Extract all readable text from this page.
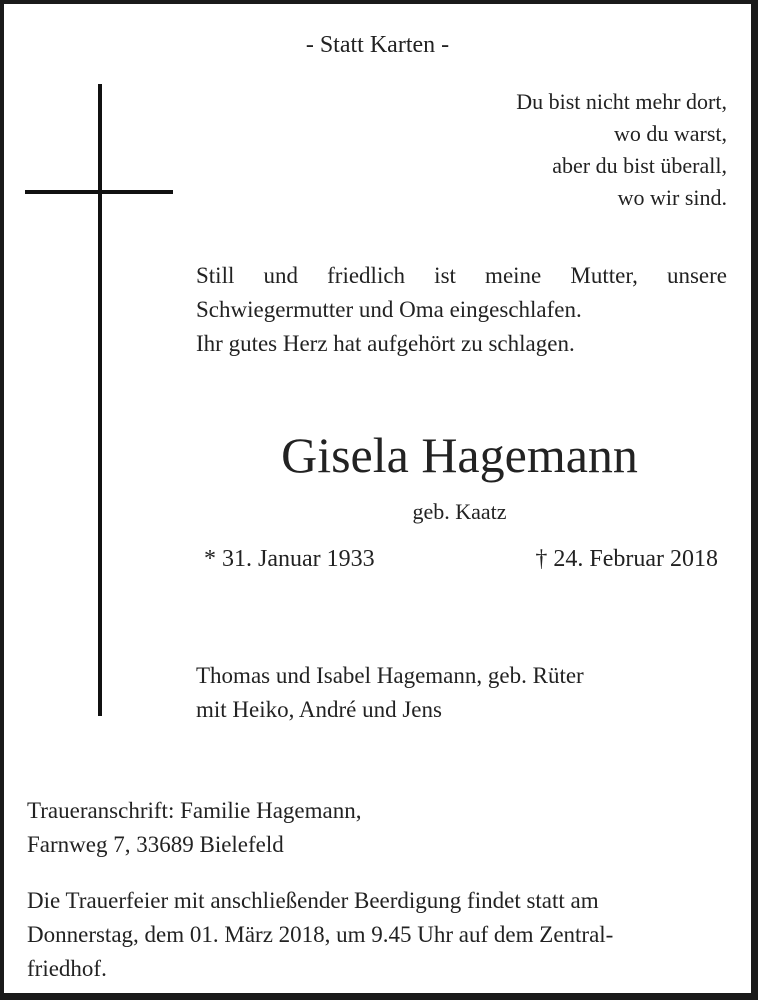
- Statt Karten -
Du bist nicht mehr dort,
wo du warst,
aber du bist überall,
wo wir sind.
Still und friedlich ist meine Mutter, unsere
Schwiegermutter und Oma eingeschlafen.
Ihr gutes Herz hat aufgehört zu schlagen.
Gisela Hagemann
geb. Kaatz
* 31. Januar 1933	† 24. Februar 2018
Thomas und Isabel Hagemann, geb. Rüter
mit Heiko, André und Jens
Traueranschrift: Familie Hagemann,
Farnweg 7, 33689 Bielefeld
Die Trauerfeier mit anschließender Beerdigung findet statt am
Donnerstag, dem 01. März 2018, um 9.45 Uhr auf dem Zentral-
friedhof.
